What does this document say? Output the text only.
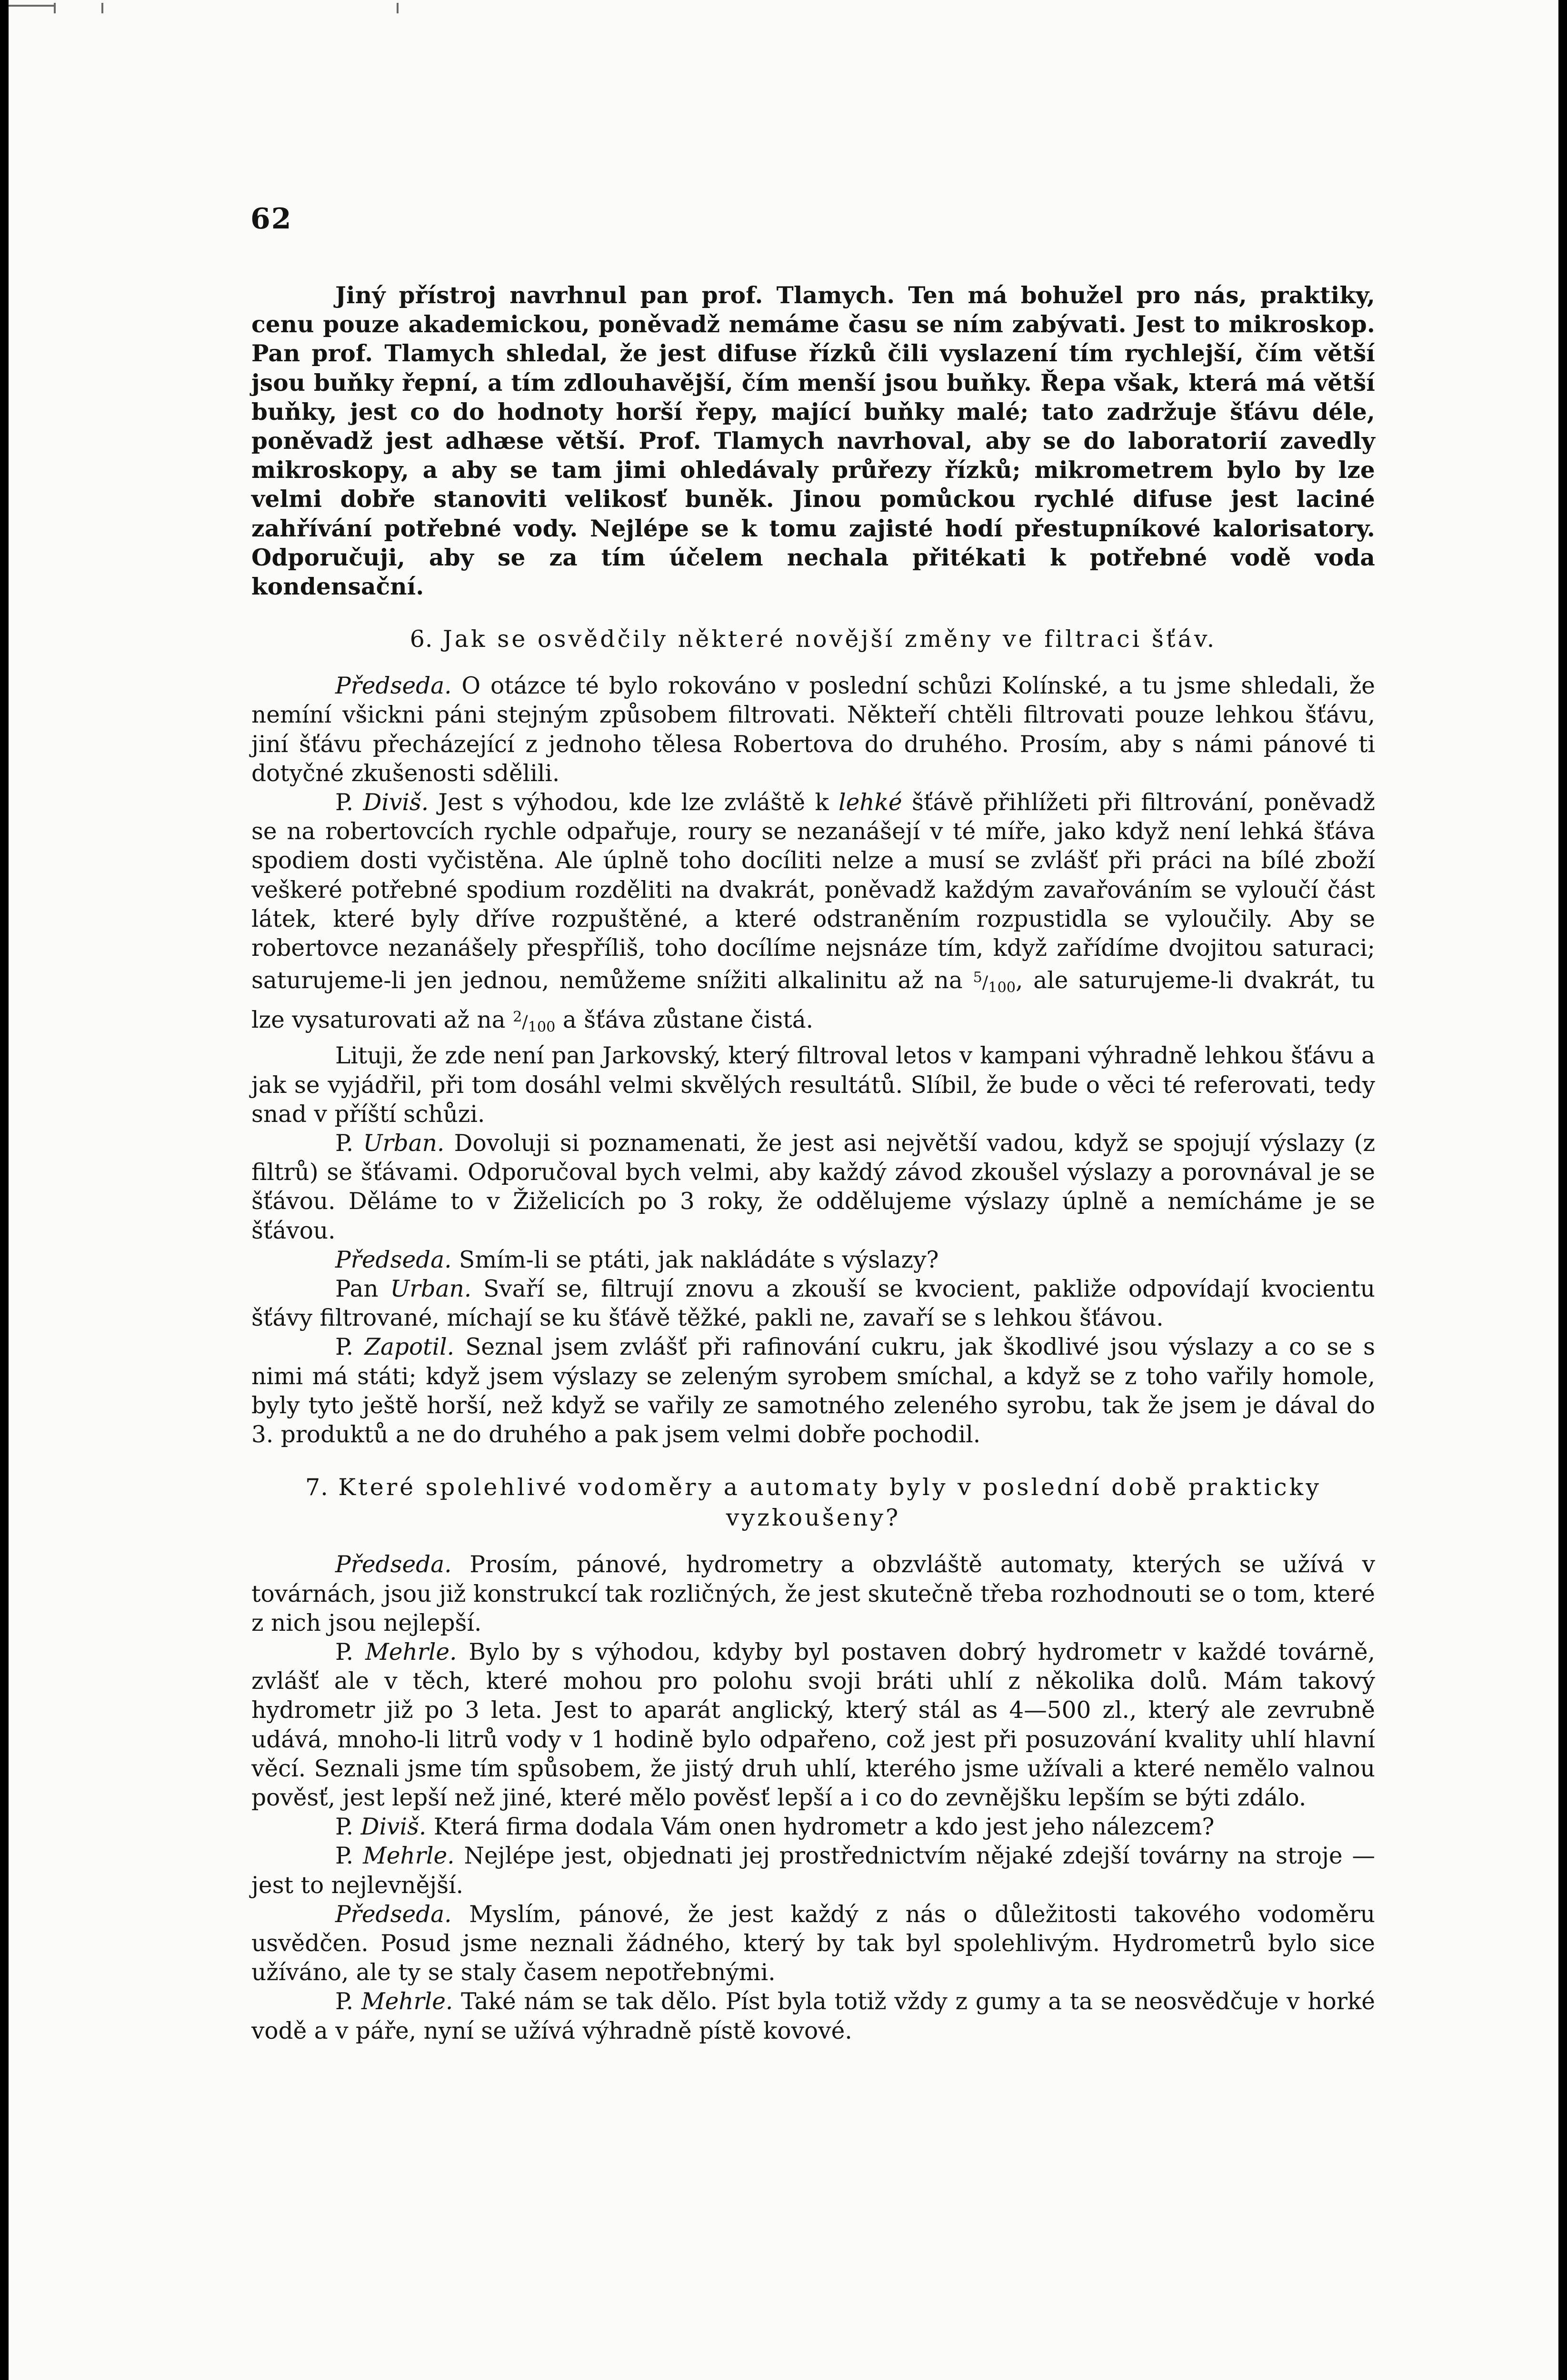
62

Jiný přístroj navrhnul pan prof. Tlamych. Ten má bohužel pro nás, praktiky, cenu pouze akademickou, poněvadž nemáme času se ním zabývati. Jest to mikroskop. Pan prof. Tlamych shledal, že jest difuse řízků čili vyslazení tím rychlejší, čím větší jsou buňky řepní, a tím zdlouhavější, čím menší jsou buňky. Řepa však, která má větší buňky, jest co do hodnoty horší řepy, mající buňky malé; tato zadržuje šťávu déle, poněvadž jest adhæse větší. Prof. Tlamych navrhoval, aby se do laboratorií zavedly mikroskopy, a aby se tam jimi ohledávaly průřezy řízků; mikrometrem bylo by lze velmi dobře stanoviti velikosť buněk. Jinou pomůckou rychlé difuse jest laciné zahřívání potřebné vody. Nejlépe se k tomu zajisté hodí přestupníkové kalorisatory. Odporučuji, aby se za tím účelem nechala přitékati k potřebné vodě voda kondensační.

6. Jak se osvědčily některé novější změny ve filtraci šťáv.

Předseda. O otázce té bylo rokováno v poslední schůzi Kolínské, a tu jsme shledali, že nemíní všickni páni stejným způsobem filtrovati. Někteří chtěli filtrovati pouze lehkou šťávu, jiní šťávu přecházející z jednoho tělesa Robertova do druhého. Prosím, aby s námi pánové ti dotyčné zkušenosti sdělili.

P. Diviš. Jest s výhodou, kde lze zvláště k lehké šťávě přihlížeti při filtrování, poněvadž se na robertovcích rychle odpařuje, roury se nezanášejí v té míře, jako když není lehká šťáva spodiem dosti vyčistěna. Ale úplně toho docíliti nelze a musí se zvlášť při práci na bílé zboží veškeré potřebné spodium rozděliti na dvakrát, poněvadž každým zavařováním se vyloučí část látek, které byly dříve rozpuštěné, a které odstraněním rozpustidla se vyloučily. Aby se robertovce nezanášely přespříliš, toho docílíme nejsnáze tím, když zařídíme dvojitou saturaci; saturujeme-li jen jednou, nemůžeme snížiti alkalinitu až na $^5/_{100}$, ale saturujeme-li dvakrát, tu lze vysaturovati až na $^2/_{100}$ a šťáva zůstane čistá.

Lituji, že zde není pan Jarkovský, který filtroval letos v kampani výhradně lehkou šťávu a jak se vyjádřil, při tom dosáhl velmi skvělých resultátů. Slíbil, že bude o věci té referovati, tedy snad v příští schůzi.

P. Urban. Dovoluji si poznamenati, že jest asi největší vadou, když se spojují výslazy (z filtrů) se šťávami. Odporučoval bych velmi, aby každý závod zkoušel výslazy a porovnával je se šťávou. Děláme to v Žiželicích po 3 roky, že oddělujeme výslazy úplně a nemícháme je se šťávou.

Předseda. Smím-li se ptáti, jak nakládáte s výslazy?

Pan Urban. Svaří se, filtrují znovu a zkouší se kvocient, pakliže odpovídají kvocientu šťávy filtrované, míchají se ku šťávě těžké, pakli ne, zavaří se s lehkou šťávou.

P. Zapotil. Seznal jsem zvlášť při rafinování cukru, jak škodlivé jsou výslazy a co se s nimi má státi; když jsem výslazy se zeleným syrobem smíchal, a když se z toho vařily homole, byly tyto ještě horší, než když se vařily ze samotného zeleného syrobu, tak že jsem je dával do 3. produktů a ne do druhého a pak jsem velmi dobře pochodil.

7. Které spolehlivé vodoměry a automaty byly v poslední době prakticky vyzkoušeny?

Předseda. Prosím, pánové, hydrometry a obzvláště automaty, kterých se užívá v továrnách, jsou již konstrukcí tak rozličných, že jest skutečně třeba rozhodnouti se o tom, které z nich jsou nejlepší.

P. Mehrle. Bylo by s výhodou, kdyby byl postaven dobrý hydrometr v každé továrně, zvlášť ale v těch, které mohou pro polohu svoji bráti uhlí z několika dolů. Mám takový hydrometr již po 3 leta. Jest to aparát anglický, který stál as 4—500 zl., který ale zevrubně udává, mnoho-li litrů vody v 1 hodině bylo odpařeno, což jest při posuzování kvality uhlí hlavní věcí. Seznali jsme tím spůsobem, že jistý druh uhlí, kterého jsme užívali a které nemělo valnou pověsť, jest lepší než jiné, které mělo pověsť lepší a i co do zevnějšku lepším se býti zdálo.

P. Diviš. Která firma dodala Vám onen hydrometr a kdo jest jeho nálezcem?

P. Mehrle. Nejlépe jest, objednati jej prostřednictvím nějaké zdejší továrny na stroje — jest to nejlevnější.

Předseda. Myslím, pánové, že jest každý z nás o důležitosti takového vodoměru usvědčen. Posud jsme neznali žádného, který by tak byl spolehlivým. Hydrometrů bylo sice užíváno, ale ty se staly časem nepotřebnými.

P. Mehrle. Také nám se tak dělo. Píst byla totiž vždy z gumy a ta se neosvědčuje v horké vodě a v páře, nyní se užívá výhradně pístě kovové.
